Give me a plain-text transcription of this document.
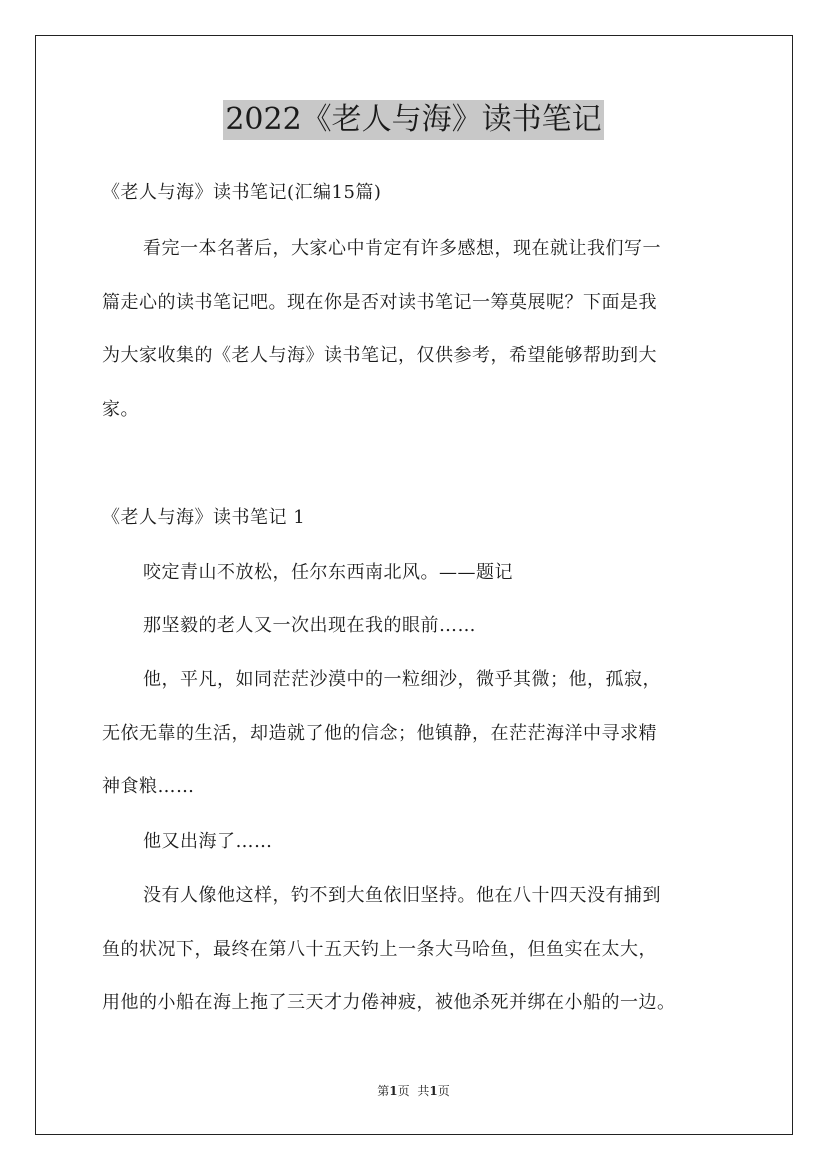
2022《老人与海》读书笔记
《老人与海》读书笔记(汇编15篇)
看完一本名著后，大家心中肯定有许多感想，现在就让我们写一
篇走心的读书笔记吧。现在你是否对读书笔记一筹莫展呢？下面是我
为大家收集的《老人与海》读书笔记，仅供参考，希望能够帮助到大
家。
《老人与海》读书笔记 1
咬定青山不放松，任尔东西南北风。——题记
那坚毅的老人又一次出现在我的眼前……
他，平凡，如同茫茫沙漠中的一粒细沙，微乎其微；他，孤寂，
无依无靠的生活，却造就了他的信念；他镇静，在茫茫海洋中寻求精
神食粮……
他又出海了……
没有人像他这样，钓不到大鱼依旧坚持。他在八十四天没有捕到
鱼的状况下，最终在第八十五天钓上一条大马哈鱼，但鱼实在太大，
用他的小船在海上拖了三天才力倦神疲，被他杀死并绑在小船的一边。
第1页 共1页
